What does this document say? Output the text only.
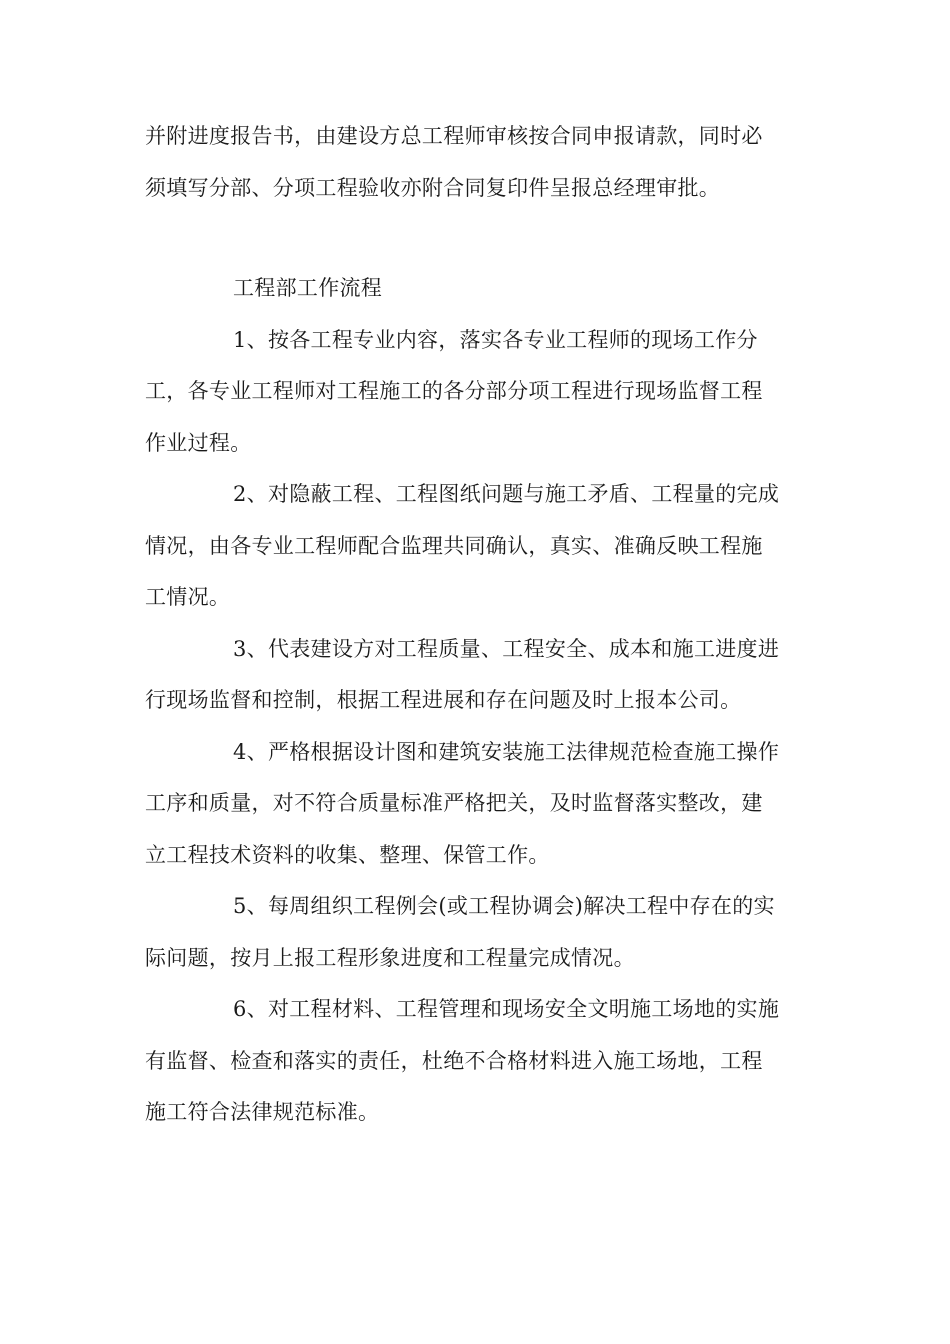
并附进度报告书，由建设方总工程师审核按合同申报请款，同时必
须填写分部、分项工程验收亦附合同复印件呈报总经理审批。
工程部工作流程
1、按各工程专业内容，落实各专业工程师的现场工作分
工，各专业工程师对工程施工的各分部分项工程进行现场监督工程
作业过程。
2、对隐蔽工程、工程图纸问题与施工矛盾、工程量的完成
情况，由各专业工程师配合监理共同确认，真实、准确反映工程施
工情况。
3、代表建设方对工程质量、工程安全、成本和施工进度进
行现场监督和控制，根据工程进展和存在问题及时上报本公司。
4、严格根据设计图和建筑安装施工法律规范检查施工操作
工序和质量，对不符合质量标准严格把关，及时监督落实整改，建
立工程技术资料的收集、整理、保管工作。
5、每周组织工程例会(或工程协调会)解决工程中存在的实
际问题，按月上报工程形象进度和工程量完成情况。
6、对工程材料、工程管理和现场安全文明施工场地的实施
有监督、检查和落实的责任，杜绝不合格材料进入施工场地，工程
施工符合法律规范标准。
